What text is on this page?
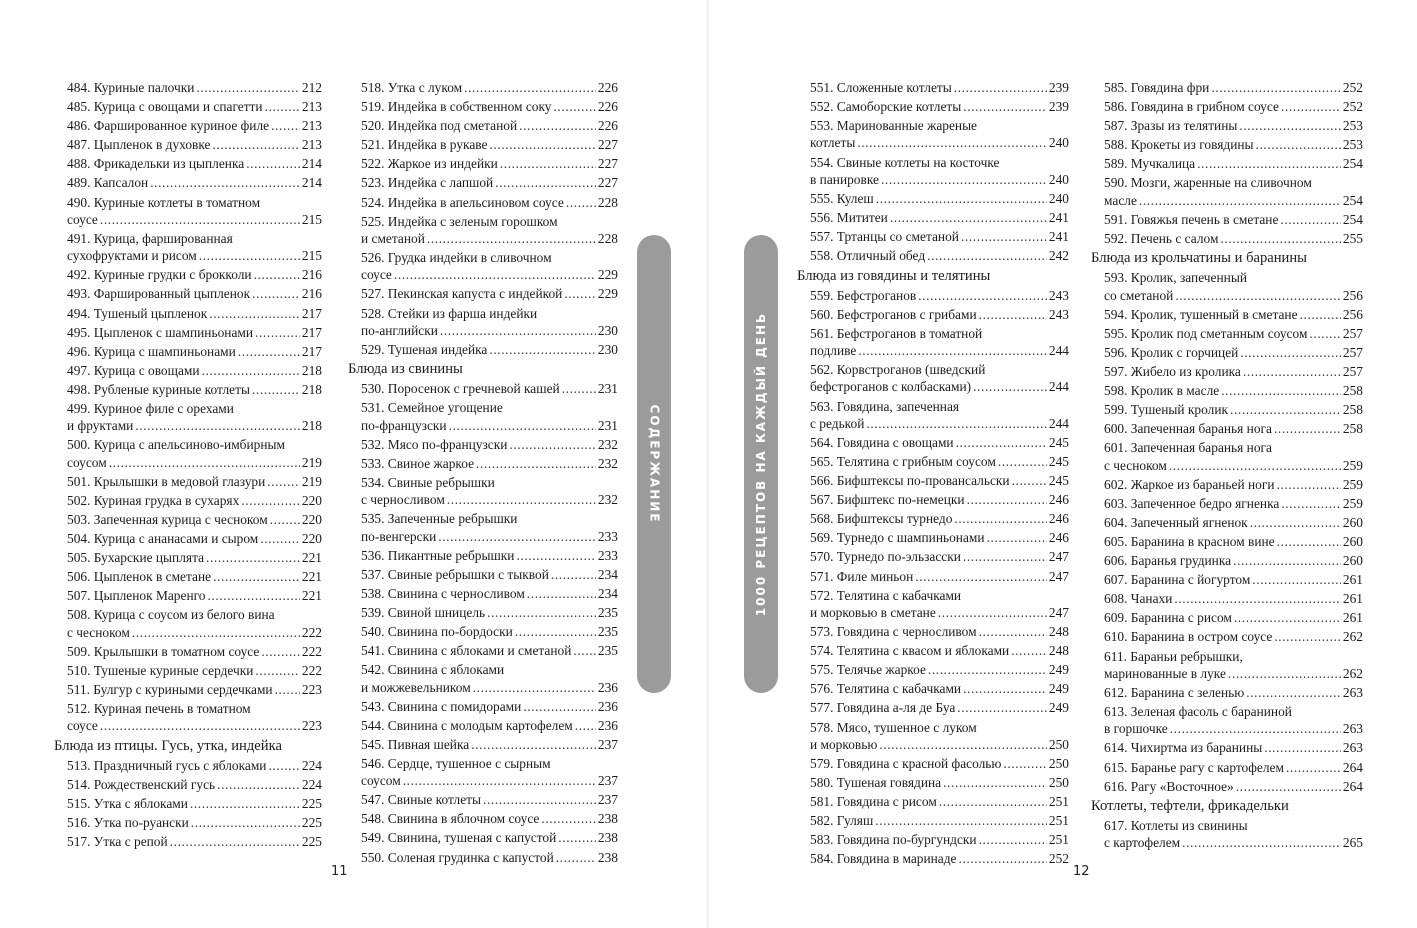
484. Куриные палочки .....	212
485. Курица с овощами и спагетти .....	213
486. Фаршированное куриное филе ..... 213
487. Цыпленок в духовке .....	213
488. Фрикадельки из цыпленка .....	214
489. Капсалон .....	214
490. Куриные котлеты в томатном
соусе .....	215
491. Курица, фаршированная
сухофруктами и рисом .....	215
492. Куриные грудки с брокколи .....	216
493. Фаршированный цыпленок .....	216
494. Тушеный цыпленок .....	217
495. Цыпленок с шампиньонами .....	217
496. Курица с шампиньонами .....	217
497. Курица с овощами .....	218
498. Рубленые куриные котлеты .....	218
499. Куриное филе с орехами
и фруктами .....	218
500. Курица с апельсиново-имбирным
соусом .....	219
501. Крылышки в медовой глазури .....	219
502. Куриная грудка в сухарях .....	220
503. Запеченная курица с чесноком .....	220
504. Курица с ананасами и сыром .....	220
505. Бухарские цыплята .....	221
506. Цыпленок в сметане .....	221
507. Цыпленок Маренго .....	221
508. Курица с соусом из белого вина
с чесноком .....	222
509. Крылышки в томатном соусе .....	222
510. Тушеные куриные сердечки .....	222
511. Булгур с куриными сердечками ..... 223
512. Куриная печень в томатном
соусе .....	223
Блюда из птицы. Гусь, утка, индейка
513. Праздничный гусь с яблоками .....	224
514. Рождественский гусь .....	224
515. Утка с яблоками .....	225
516. Утка по-руански .....	225
517. Утка с репой .....	225
518. Утка с луком .....	226
519. Индейка в собственном соку .....	226
520. Индейка под сметаной .....	226
521. Индейка в рукаве .....	227
522. Жаркое из индейки .....	227
523. Индейка с лапшой .....	227
524. Индейка в апельсиновом соусе .....	228
525. Индейка с зеленым горошком
и сметаной .....	228
526. Грудка индейки в сливочном
соусе .....	229
527. Пекинская капуста с индейкой .....	229
528. Стейки из фарша индейки
по-английски .....	230
529. Тушеная индейка .....	230
Блюда из свинины
530. Поросенок с гречневой кашей .....	231
531. Семейное угощение
по-французски .....	231
532. Мясо по-французски .....	232
533. Свиное жаркое .....	232
534. Свиные ребрышки
с черносливом .....	232
535. Запеченные ребрышки
по-венгерски .....	233
536. Пикантные ребрышки .....	233
537. Свиные ребрышки с тыквой .....	234
538. Свинина с черносливом .....	234
539. Свиной шницель .....	235
540. Свинина по-бордоски .....	235
541. Свинина с яблоками и сметаной ..... 235
542. Свинина с яблоками
и можжевельником .....	236
543. Свинина с помидорами .....	236
544. Свинина с молодым картофелем ..... 236
545. Пивная шейка .....	237
546. Сердце, тушенное с сырным
соусом .....	237
547. Свиные котлеты .....	237
548. Свинина в яблочном соусе .....	238
549. Свинина, тушеная с капустой .....	238
550. Соленая грудинка с капустой .....	238
551. Сложенные котлеты .....	239
552. Самоборские котлеты .....	239
553. Маринованные жареные
котлеты .....	240
554. Свиные котлеты на косточке
в панировке .....	240
555. Кулеш .....	240
556. Мититеи .....	241
557. Тртанцы со сметаной .....	241
558. Отличный обед .....	242
Блюда из говядины и телятины
559. Бефстроганов .....	243
560. Бефстроганов с грибами .....	243
561. Бефстроганов в томатной
подливе .....	244
562. Корвстроганов (шведский
бефстроганов с колбасками) .....	244
563. Говядина, запеченная
с редькой .....	244
564. Говядина с овощами .....	245
565. Телятина с грибным соусом .....	245
566. Бифштексы по-провансальски .....	245
567. Бифштекс по-немецки .....	246
568. Бифштексы турнедо .....	246
569. Турнедо с шампиньонами .....	246
570. Турнедо по-эльзасски .....	247
571. Филе миньон .....	247
572. Телятина с кабачками
и морковью в сметане .....	247
573. Говядина с черносливом .....	248
574. Телятина с квасом и яблоками .....	248
575. Телячье жаркое .....	249
576. Телятина с кабачками .....	249
577. Говядина а-ля де Буа .....	249
578. Мясо, тушенное с луком
и морковью .....	250
579. Говядина с красной фасолью .....	250
580. Тушеная говядина .....	250
581. Говядина с рисом .....	251
582. Гуляш .....	251
583. Говядина по-бургундски .....	251
584. Говядина в маринаде .....	252
585. Говядина фри .....	252
586. Говядина в грибном соусе .....	252
587. Зразы из телятины .....	253
588. Крокеты из говядины .....	253
589. Мучкалица .....	254
590. Мозги, жаренные на сливочном
масле .....	254
591. Говяжья печень в сметане .....	254
592. Печень с салом .....	255
Блюда из крольчатины и баранины
593. Кролик, запеченный
со сметаной .....	256
594. Кролик, тушенный в сметане .....	256
595. Кролик под сметанным соусом .....	257
596. Кролик с горчицей .....	257
597. Жибело из кролика .....	257
598. Кролик в масле .....	258
599. Тушеный кролик .....	258
600. Запеченная баранья нога .....	258
601. Запеченная баранья нога
с чесноком .....	259
602. Жаркое из бараньей ноги .....	259
603. Запеченное бедро ягненка .....	259
604. Запеченный ягненок .....	260
605. Баранина в красном вине .....	260
606. Баранья грудинка .....	260
607. Баранина с йогуртом .....	261
608. Чанахи .....	261
609. Баранина с рисом .....	261
610. Баранина в остром соусе .....	262
611. Бараньи ребрышки,
маринованные в луке .....	262
612. Баранина с зеленью .....	263
613. Зеленая фасоль с бараниной
в горшочке .....	263
614. Чихиртма из баранины .....	263
615. Баранье рагу с картофелем .....	264
616. Рагу «Восточное» .....	264
Котлеты, тефтели, фрикадельки
617. Котлеты из свинины
с картофелем .....	265
СОДЕРЖАНИЕ	1000 РЕЦЕПТОВ НА КАЖДЫЙ ДЕНЬ
11	12
